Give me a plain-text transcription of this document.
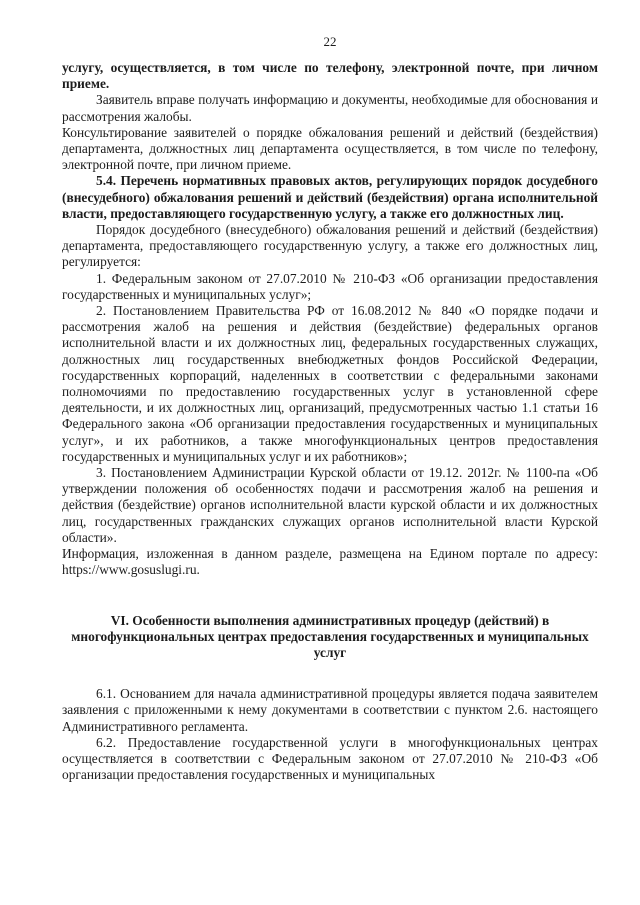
22

услугу, осуществляется, в том числе по телефону, электронной почте, при личном приеме.

Заявитель вправе получать информацию и документы, необходимые для обоснования и рассмотрения жалобы.

Консультирование заявителей о порядке обжалования решений и действий (бездействия) департамента, должностных лиц департамента осуществляется, в том числе по телефону, электронной почте, при личном приеме.

5.4. Перечень нормативных правовых актов, регулирующих порядок досудебного (внесудебного) обжалования решений и действий (бездействия) органа исполнительной власти, предоставляющего государственную услугу, а также его должностных лиц.

Порядок досудебного (внесудебного) обжалования решений и действий (бездействия) департамента, предоставляющего государственную услугу, а также его должностных лиц, регулируется:

1. Федеральным законом от 27.07.2010 № 210-ФЗ «Об организации предоставления государственных и муниципальных услуг»;

2. Постановлением Правительства РФ от 16.08.2012 № 840 «О порядке подачи и рассмотрения жалоб на решения и действия (бездействие) федеральных органов исполнительной власти и их должностных лиц, федеральных государственных служащих, должностных лиц государственных внебюджетных фондов Российской Федерации, государственных корпораций, наделенных в соответствии с федеральными законами полномочиями по предоставлению государственных услуг в установленной сфере деятельности, и их должностных лиц, организаций, предусмотренных частью 1.1 статьи 16 Федерального закона «Об организации предоставления государственных и муниципальных услуг», и их работников, а также многофункциональных центров предоставления государственных и муниципальных услуг и их работников»;

3. Постановлением Администрации Курской области от 19.12. 2012г. № 1100-па «Об утверждении положения об особенностях подачи и рассмотрения жалоб на решения и действия (бездействие) органов исполнительной власти курской области и их должностных лиц, государственных гражданских служащих органов исполнительной власти Курской области».

Информация, изложенная в данном разделе, размещена на Едином портале по адресу: https://www.gosuslugi.ru.

VI. Особенности выполнения административных процедур (действий) в многофункциональных центрах предоставления государственных и муниципальных услуг

6.1. Основанием для начала административной процедуры является подача заявителем заявления с приложенными к нему документами в соответствии с пунктом 2.6. настоящего Административного регламента.

6.2. Предоставление государственной услуги в многофункциональных центрах осуществляется в соответствии с Федеральным законом от 27.07.2010 № 210-ФЗ «Об организации предоставления государственных и муниципальных
